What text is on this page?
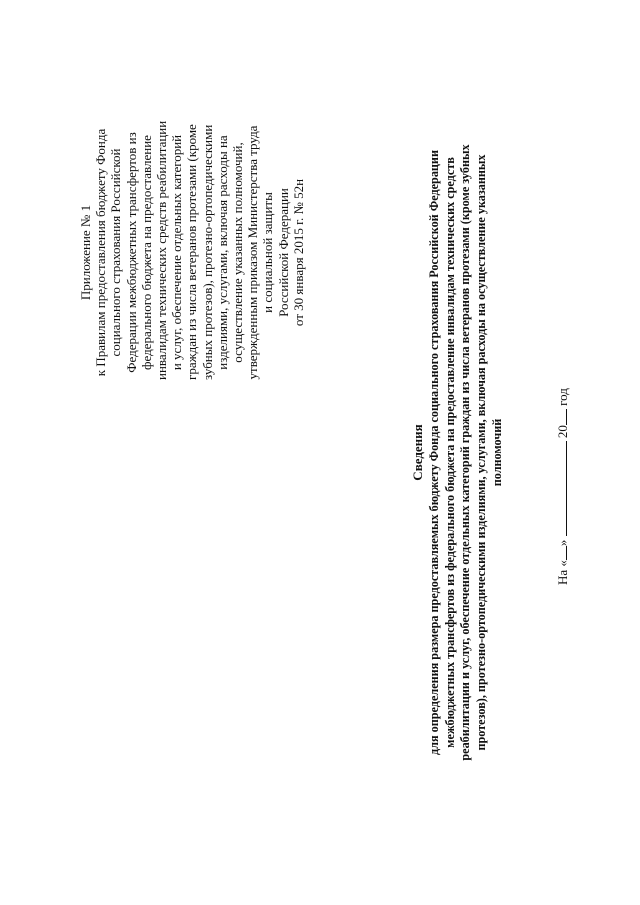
Приложение № 1 к Правилам предоставления бюджету Фонда социального страхования Российской Федерации межбюджетных трансфертов из федерального бюджета на предоставление инвалидам технических средств реабилитации и услуг, обеспечение отдельных категорий граждан из числа ветеранов протезами (кроме зубных протезов), протезно-ортопедическими изделиями, услугами, включая расходы на осуществление указанных полномочий, утвержденным приказом Министерства труда и социальной защиты Российской Федерации от 30 января 2015 г. № 52н
Сведения для определения размера предоставляемых бюджету Фонда социального страхования Российской Федерации межбюджетных трансфертов из федерального бюджета на предоставление инвалидам технических средств реабилитации и услуг, обеспечение отдельных категорий граждан из числа ветеранов протезами (кроме зубных протезов), протезно-ортопедическими изделиями, услугами, включая расходы на осуществление указанных полномочий
На «»  20 год
